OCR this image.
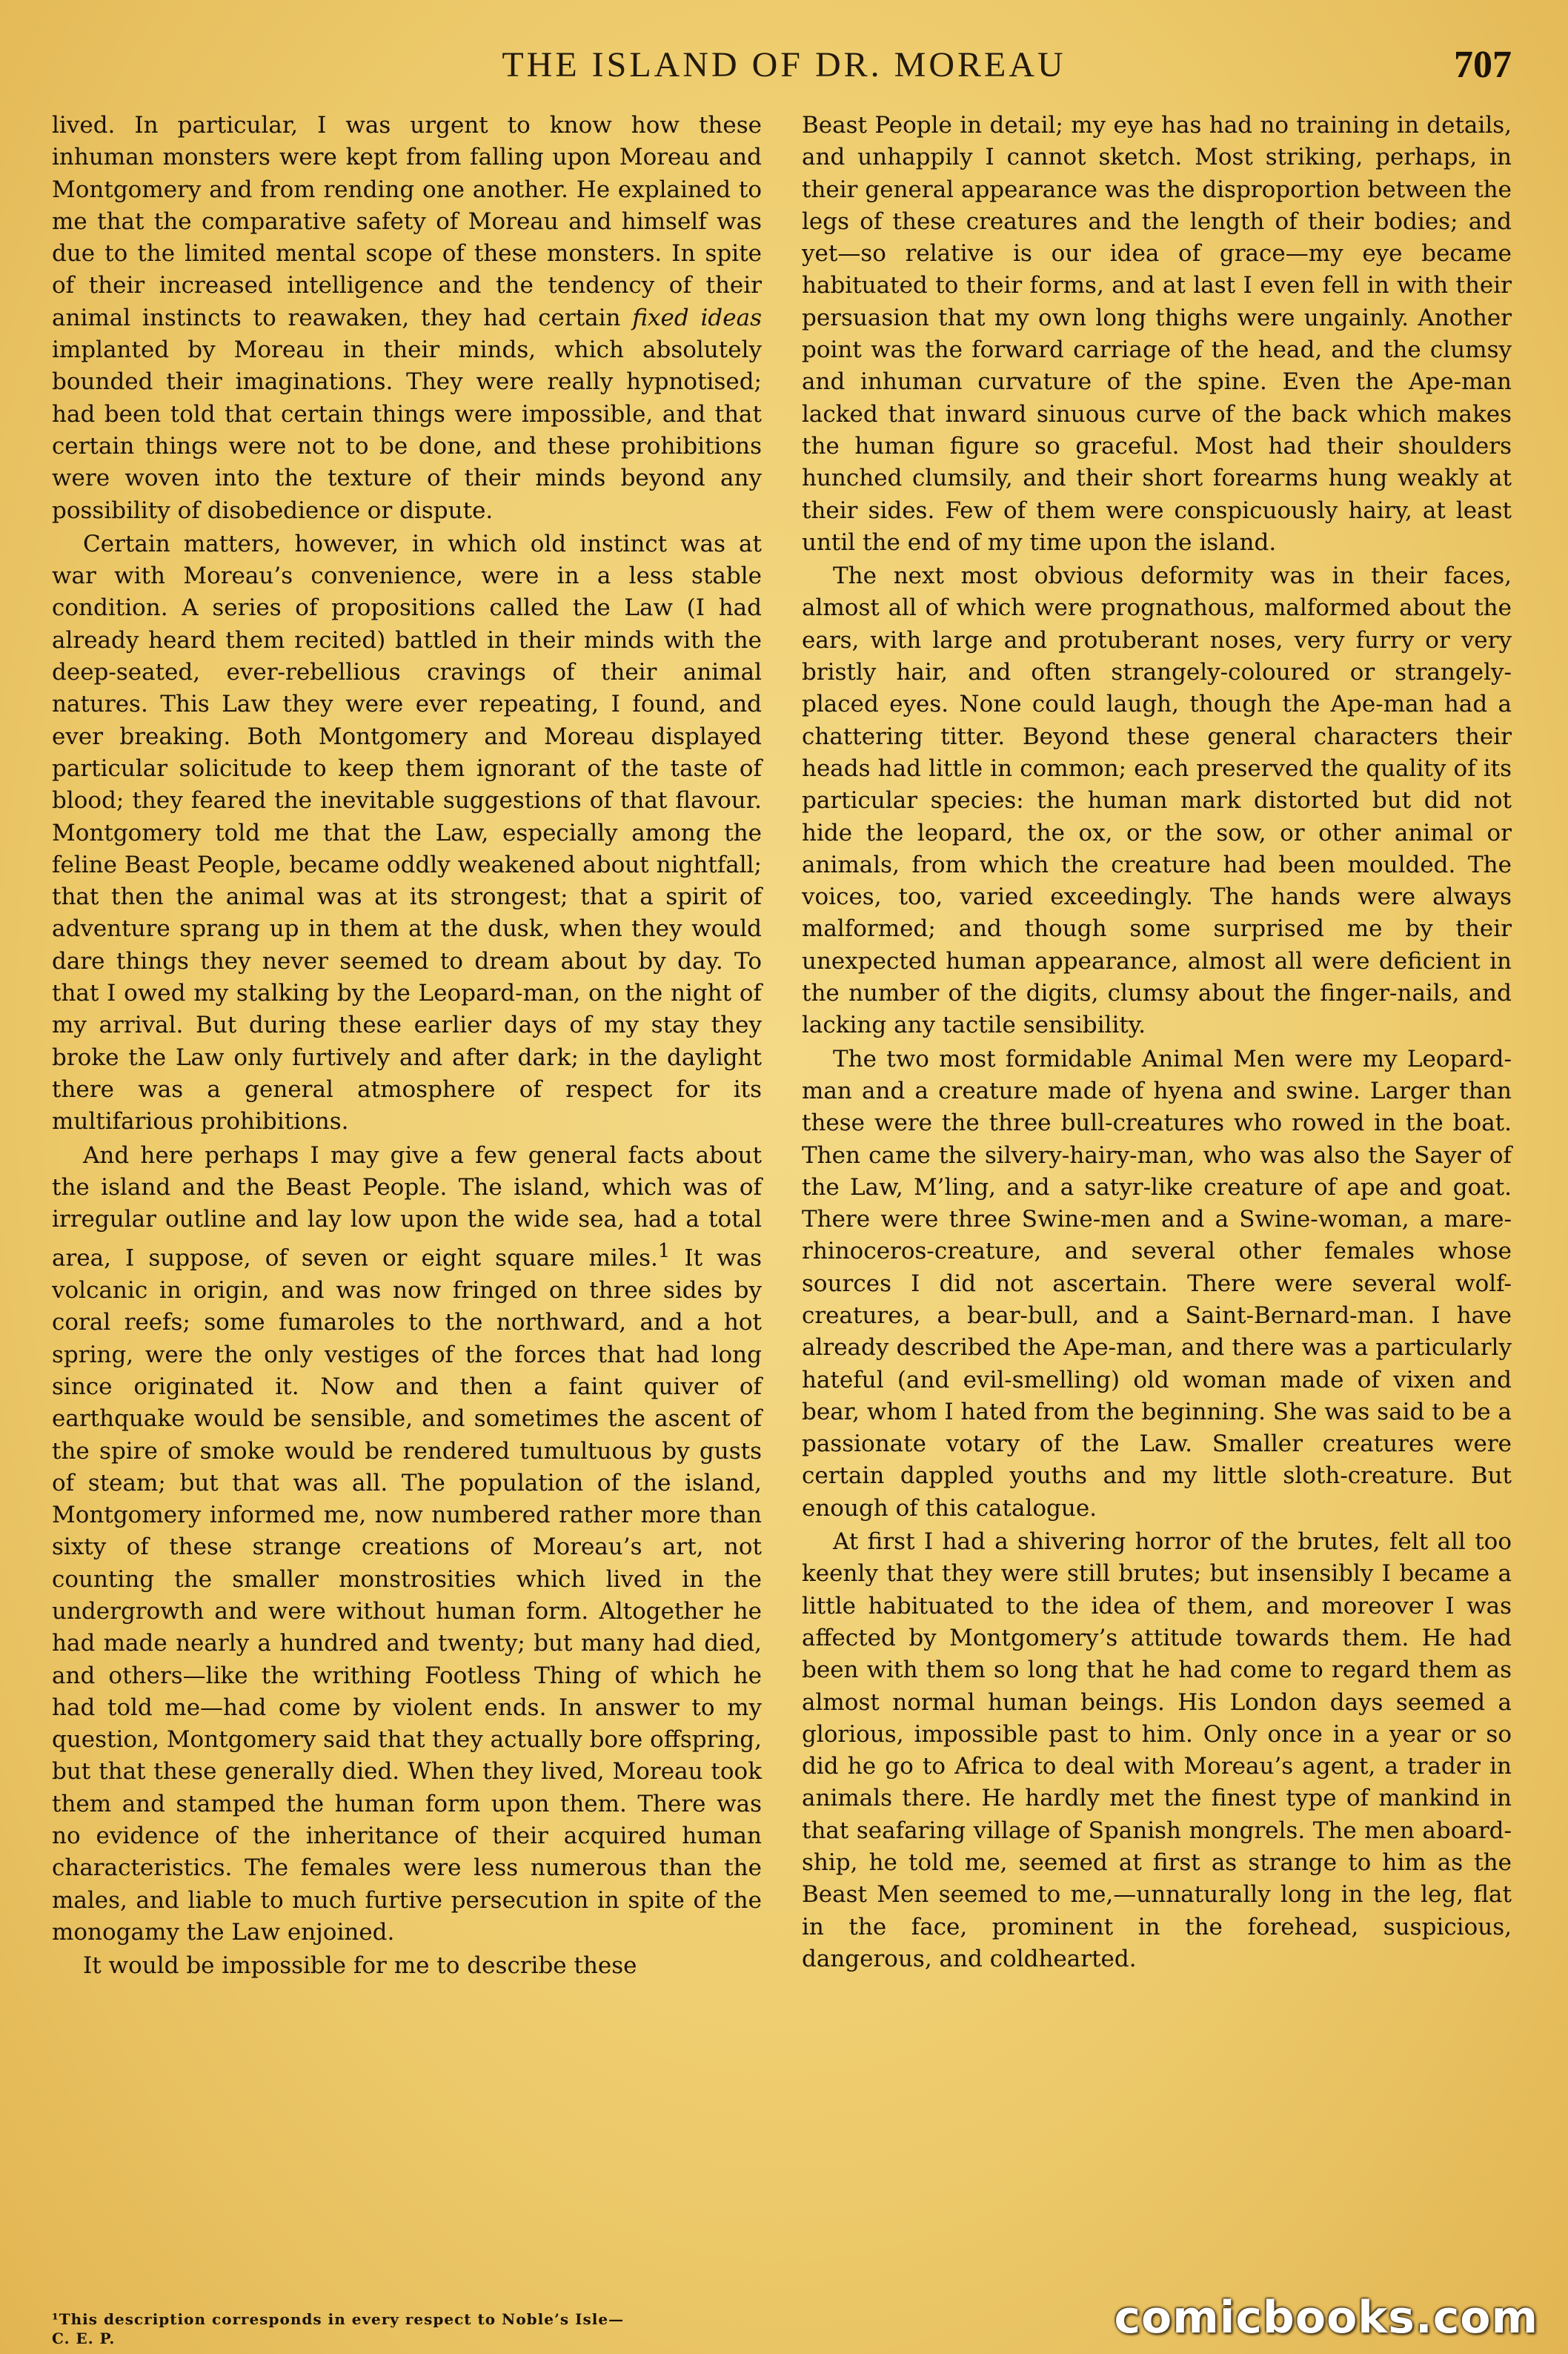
THE ISLAND OF DR. MOREAU	707

lived. In particular, I was urgent to know how these inhuman monsters were kept from falling upon Moreau and Montgomery and from rending one another. He explained to me that the comparative safety of Moreau and himself was due to the limited mental scope of these monsters. In spite of their increased intelligence and the tendency of their animal instincts to reawaken, they had certain fixed ideas implanted by Moreau in their minds, which absolutely bounded their imaginations. They were really hypnotised; had been told that certain things were impossible, and that certain things were not to be done, and these prohibitions were woven into the texture of their minds beyond any possibility of disobedience or dispute.

Certain matters, however, in which old instinct was at war with Moreau’s convenience, were in a less stable condition. A series of propositions called the Law (I had already heard them recited) battled in their minds with the deep-seated, ever-rebellious cravings of their animal natures. This Law they were ever repeating, I found, and ever breaking. Both Montgomery and Moreau displayed particular solicitude to keep them ignorant of the taste of blood; they feared the inevitable suggestions of that flavour. Montgomery told me that the Law, especially among the feline Beast People, became oddly weakened about nightfall; that then the animal was at its strongest; that a spirit of adventure sprang up in them at the dusk, when they would dare things they never seemed to dream about by day. To that I owed my stalking by the Leopard-man, on the night of my arrival. But during these earlier days of my stay they broke the Law only furtively and after dark; in the daylight there was a general atmosphere of respect for its multifarious prohibitions.

And here perhaps I may give a few general facts about the island and the Beast People. The island, which was of irregular outline and lay low upon the wide sea, had a total area, I suppose, of seven or eight square miles.$^1$ It was volcanic in origin, and was now fringed on three sides by coral reefs; some fumaroles to the northward, and a hot spring, were the only vestiges of the forces that had long since originated it. Now and then a faint quiver of earthquake would be sensible, and sometimes the ascent of the spire of smoke would be rendered tumultuous by gusts of steam; but that was all. The population of the island, Montgomery informed me, now numbered rather more than sixty of these strange creations of Moreau’s art, not counting the smaller monstrosities which lived in the undergrowth and were without human form. Altogether he had made nearly a hundred and twenty; but many had died, and others—like the writhing Footless Thing of which he had told me—had come by violent ends. In answer to my question, Montgomery said that they actually bore offspring, but that these generally died. When they lived, Moreau took them and stamped the human form upon them. There was no evidence of the inheritance of their acquired human characteristics. The females were less numerous than the males, and liable to much furtive persecution in spite of the monogamy the Law enjoined.

It would be impossible for me to describe these

Beast People in detail; my eye has had no training in details, and unhappily I cannot sketch. Most striking, perhaps, in their general appearance was the disproportion between the legs of these creatures and the length of their bodies; and yet—so relative is our idea of grace—my eye became habituated to their forms, and at last I even fell in with their persuasion that my own long thighs were ungainly. Another point was the forward carriage of the head, and the clumsy and inhuman curvature of the spine. Even the Ape-man lacked that inward sinuous curve of the back which makes the human figure so graceful. Most had their shoulders hunched clumsily, and their short forearms hung weakly at their sides. Few of them were conspicuously hairy, at least until the end of my time upon the island.

The next most obvious deformity was in their faces, almost all of which were prognathous, malformed about the ears, with large and protuberant noses, very furry or very bristly hair, and often strangely-coloured or strangely-placed eyes. None could laugh, though the Ape-man had a chattering titter. Beyond these general characters their heads had little in common; each preserved the quality of its particular species: the human mark distorted but did not hide the leopard, the ox, or the sow, or other animal or animals, from which the creature had been moulded. The voices, too, varied exceedingly. The hands were always malformed; and though some surprised me by their unexpected human appearance, almost all were deficient in the number of the digits, clumsy about the finger-nails, and lacking any tactile sensibility.

The two most formidable Animal Men were my Leopard-man and a creature made of hyena and swine. Larger than these were the three bull-creatures who rowed in the boat. Then came the silvery-hairy-man, who was also the Sayer of the Law, M’ling, and a satyr-like creature of ape and goat. There were three Swine-men and a Swine-woman, a mare-rhinoceros-creature, and several other females whose sources I did not ascertain. There were several wolf-creatures, a bear-bull, and a Saint-Bernard-man. I have already described the Ape-man, and there was a particularly hateful (and evil-smelling) old woman made of vixen and bear, whom I hated from the beginning. She was said to be a passionate votary of the Law. Smaller creatures were certain dappled youths and my little sloth-creature. But enough of this catalogue.

At first I had a shivering horror of the brutes, felt all too keenly that they were still brutes; but insensibly I became a little habituated to the idea of them, and moreover I was affected by Montgomery’s attitude towards them. He had been with them so long that he had come to regard them as almost normal human beings. His London days seemed a glorious, impossible past to him. Only once in a year or so did he go to Africa to deal with Moreau’s agent, a trader in animals there. He hardly met the finest type of mankind in that seafaring village of Spanish mongrels. The men aboard-ship, he told me, seemed at first as strange to him as the Beast Men seemed to me,—unnaturally long in the leg, flat in the face, prominent in the forehead, suspicious, dangerous, and coldhearted.

¹This description corresponds in every respect to Noble’s Isle—
C. E. P.	comicbooks.com
